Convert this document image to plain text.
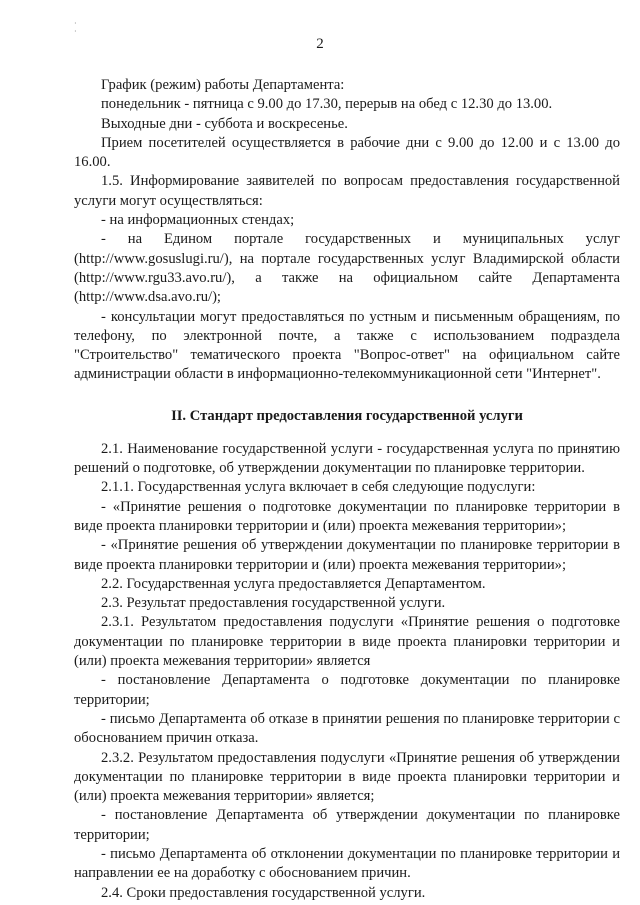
·
·
2

График (режим) работы Департамента:

понедельник - пятница с 9.00 до 17.30, перерыв на обед с 12.30 до 13.00.

Выходные дни - суббота и воскресенье.

Прием посетителей осуществляется в рабочие дни с 9.00 до 12.00 и с 13.00 до 16.00.

1.5. Информирование заявителей по вопросам предоставления государственной услуги могут осуществляться:

- на информационных стендах;

- на Едином портале государственных и муниципальных услуг (http://www.gosuslugi.ru/), на портале государственных услуг Владимирской области (http://www.rgu33.avo.ru/), а также на официальном сайте Департамента (http://www.dsa.avo.ru/);

- консультации могут предоставляться по устным и письменным обращениям, по телефону, по электронной почте, а также с использованием подраздела "Строительство" тематического проекта "Вопрос-ответ" на официальном сайте администрации области в информационно-телекоммуникационной сети "Интернет".

II. Стандарт предоставления государственной услуги

2.1. Наименование государственной услуги - государственная услуга по принятию решений о подготовке, об утверждении документации по планировке территории.

2.1.1. Государственная услуга включает в себя следующие подуслуги:

- «Принятие решения о подготовке документации по планировке территории в виде проекта планировки территории и (или) проекта межевания территории»;

- «Принятие решения об утверждении документации по планировке территории в виде проекта планировки территории и (или) проекта межевания территории»;

2.2. Государственная услуга предоставляется Департаментом.

2.3. Результат предоставления государственной услуги.

2.3.1. Результатом предоставления подуслуги «Принятие решения о подготовке документации по планировке территории в виде проекта планировки территории и (или) проекта межевания территории» является

- постановление Департамента о подготовке документации по планировке территории;

- письмо Департамента об отказе в принятии решения по планировке территории с обоснованием причин отказа.

2.3.2. Результатом предоставления подуслуги «Принятие решения об утверждении документации по планировке территории в виде проекта планировки территории и (или) проекта межевания территории» является;

- постановление Департамента об утверждении документации по планировке территории;

- письмо Департамента об отклонении документации по планировке территории и направлении ее на доработку с обоснованием причин.

2.4. Сроки предоставления государственной услуги.
